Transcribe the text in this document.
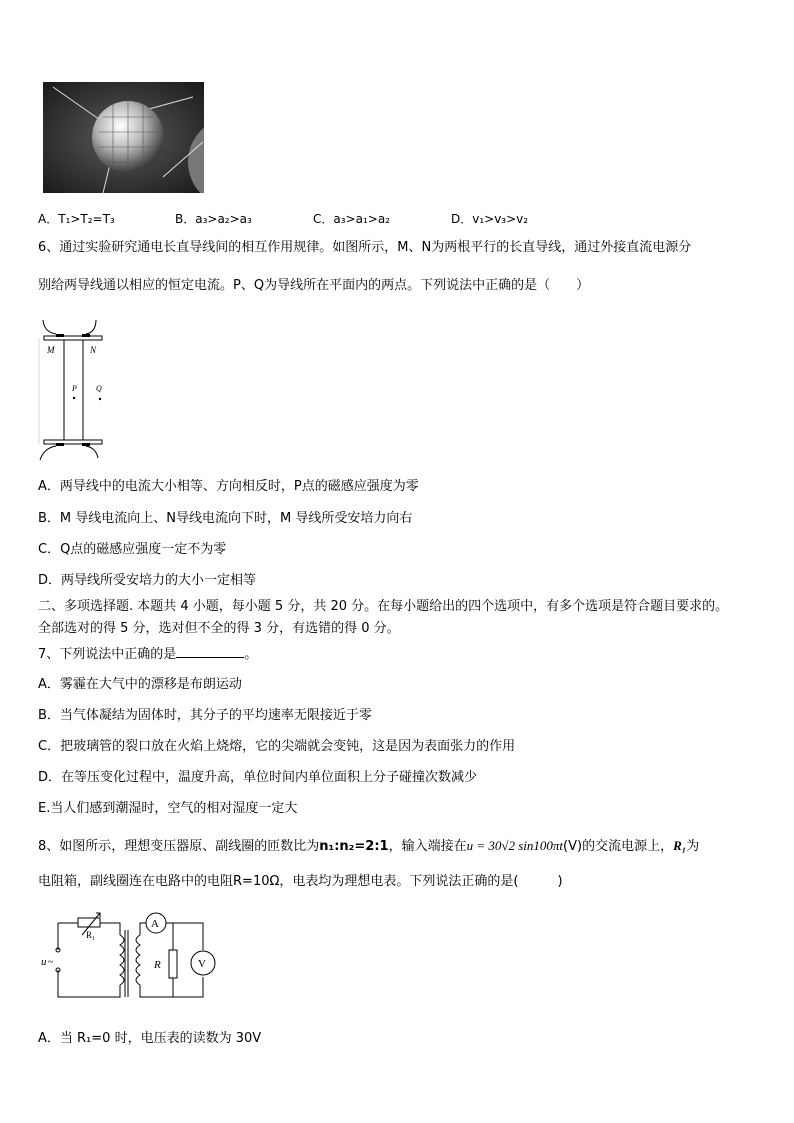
A．T₁>T₂=T₃	B．a₃>a₂>a₃	C．a₃>a₁>a₂	D．v₁>v₃>v₂
6、通过实验研究通电长直导线间的相互作用规律。如图所示，M、N为两根平行的长直导线，通过外接直流电源分
别给两导线通以相应的恒定电流。P、Q为导线所在平面内的两点。下列说法中正确的是（　　）
M	N
P Q
A．两导线中的电流大小相等、方向相反时，P点的磁感应强度为零
B．M 导线电流向上、N导线电流向下时，M 导线所受安培力向右
C．Q点的磁感应强度一定不为零
D．两导线所受安培力的大小一定相等
二、多项选择题. 本题共 4 小题，每小题 5 分，共 20 分。在每小题给出的四个选项中，有多个选项是符合题目要求的。
全部选对的得 5 分，选对但不全的得 3 分，有选错的得 0 分。
7、下列说法中正确的是	。
A．雾霾在大气中的漂移是布朗运动
B．当气体凝结为固体时，其分子的平均速率无限接近于零
C．把玻璃管的裂口放在火焰上烧熔，它的尖端就会变钝，这是因为表面张力的作用
D．在等压变化过程中，温度升高，单位时间内单位面积上分子碰撞次数减少
E.当人们感到潮湿时，空气的相对湿度一定大
8、如图所示，理想变压器原、副线圈的匝数比为n₁:n₂=2:1，输入端接在u = 30√2 sin100πt(V)的交流电源上，R₁为
电阻箱，副线圈连在电路中的电阻R=10Ω，电表均为理想电表。下列说法正确的是(　　　)
$R_1$
u ~
A
R	V
A．当 R₁=0 时，电压表的读数为 30V
